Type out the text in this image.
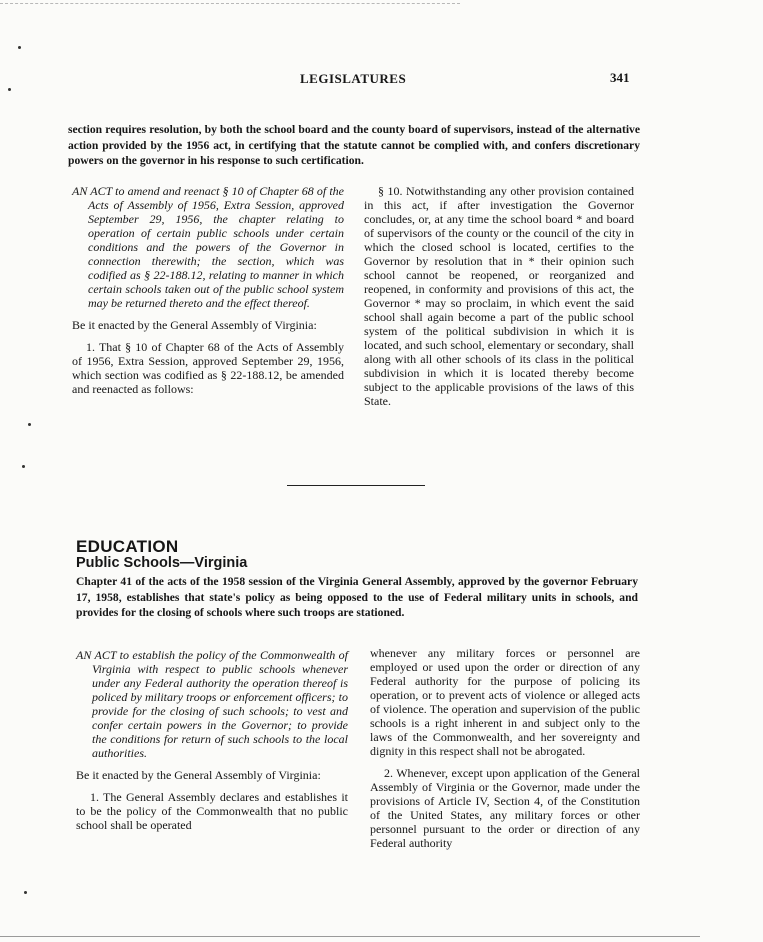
LEGISLATURES	341

section requires resolution, by both the school board and the county board of supervisors, instead of the alternative action provided by the 1956 act, in certifying that the statute cannot be complied with, and confers discretionary powers on the governor in his response to such certification.

AN ACT to amend and reenact § 10 of Chapter 68 of the Acts of Assembly of 1956, Extra Session, approved September 29, 1956, the chapter relating to operation of certain public schools under certain conditions and the powers of the Governor in connection therewith; the section, which was codified as § 22-188.12, relating to manner in which certain schools taken out of the public school system may be returned thereto and the effect thereof.

Be it enacted by the General Assembly of Virginia:

1. That § 10 of Chapter 68 of the Acts of Assembly of 1956, Extra Session, approved September 29, 1956, which section was codified as § 22-188.12, be amended and reenacted as follows:

§ 10. Notwithstanding any other provision contained in this act, if after investigation the Governor concludes, or, at any time the school board * and board of supervisors of the county or the council of the city in which the closed school is located, certifies to the Governor by resolution that in * their opinion such school cannot be reopened, or reorganized and reopened, in conformity and provisions of this act, the Governor * may so proclaim, in which event the said school shall again become a part of the public school system of the political subdivision in which it is located, and such school, elementary or secondary, shall along with all other schools of its class in the political subdivision in which it is located thereby become subject to the applicable provisions of the laws of this State.

EDUCATION
Public Schools—Virginia

Chapter 41 of the acts of the 1958 session of the Virginia General Assembly, approved by the governor February 17, 1958, establishes that state's policy as being opposed to the use of Federal military units in schools, and provides for the closing of schools where such troops are stationed.

AN ACT to establish the policy of the Commonwealth of Virginia with respect to public schools whenever under any Federal authority the operation thereof is policed by military troops or enforcement officers; to provide for the closing of such schools; to vest and confer certain powers in the Governor; to provide the conditions for return of such schools to the local authorities.

Be it enacted by the General Assembly of Virginia:

1. The General Assembly declares and establishes it to be the policy of the Commonwealth that no public school shall be operated

whenever any military forces or personnel are employed or used upon the order or direction of any Federal authority for the purpose of policing its operation, or to prevent acts of violence or alleged acts of violence. The operation and supervision of the public schools is a right inherent in and subject only to the laws of the Commonwealth, and her sovereignty and dignity in this respect shall not be abrogated.

2. Whenever, except upon application of the General Assembly of Virginia or the Governor, made under the provisions of Article IV, Section 4, of the Constitution of the United States, any military forces or other personnel pursuant to the order or direction of any Federal authority
